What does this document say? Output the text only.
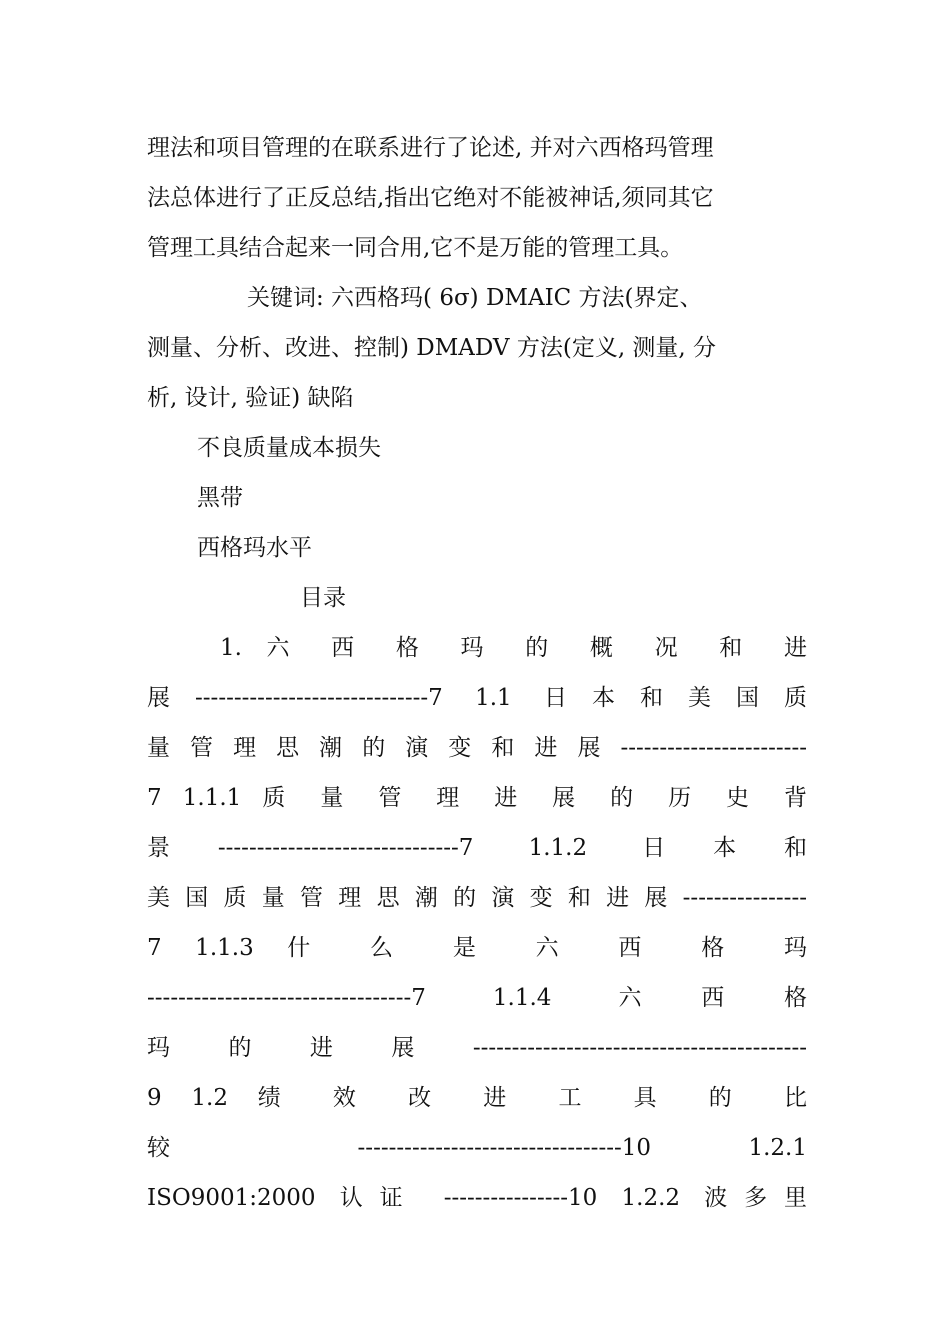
理法和项目管理的在联系进行了论述, 并对六西格玛管理
法总体进行了正反总结,指出它绝对不能被神话,须同其它
管理工具结合起来一同合用,它不是万能的管理工具。
关键词: 六西格玛( 6σ) DMAIC 方法(界定、
测量、分析、改进、控制) DMADV 方法(定义, 测量, 分
析, 设计, 验证) 缺陷
不良质量成本损失
黑带
西格玛水平
目录
1. 六 西 格 玛 的 概 况 和 进
展------------------------------7 1.1 日本和美国质
量 管 理 思 潮 的 演 变 和 进 展 ------------------------
7 1.1.1 质 量 管 理 进 展 的 历 史 背
景-------------------------------7 1.1.2 日本和
美 国 质 量 管 理 思 潮 的 演 变 和 进 展 ----------------
7 1.1.3 什 么 是 六 西 格 玛
----------------------------------7 1.1.4 六西格
玛 的 进 展 -------------------------------------------
9 1.2 绩 效 改 进 工 具 的 比
较 ----------------------------------10 1.2.1
ISO9001:2000 认证 ----------------10 1.2.2 波多里
